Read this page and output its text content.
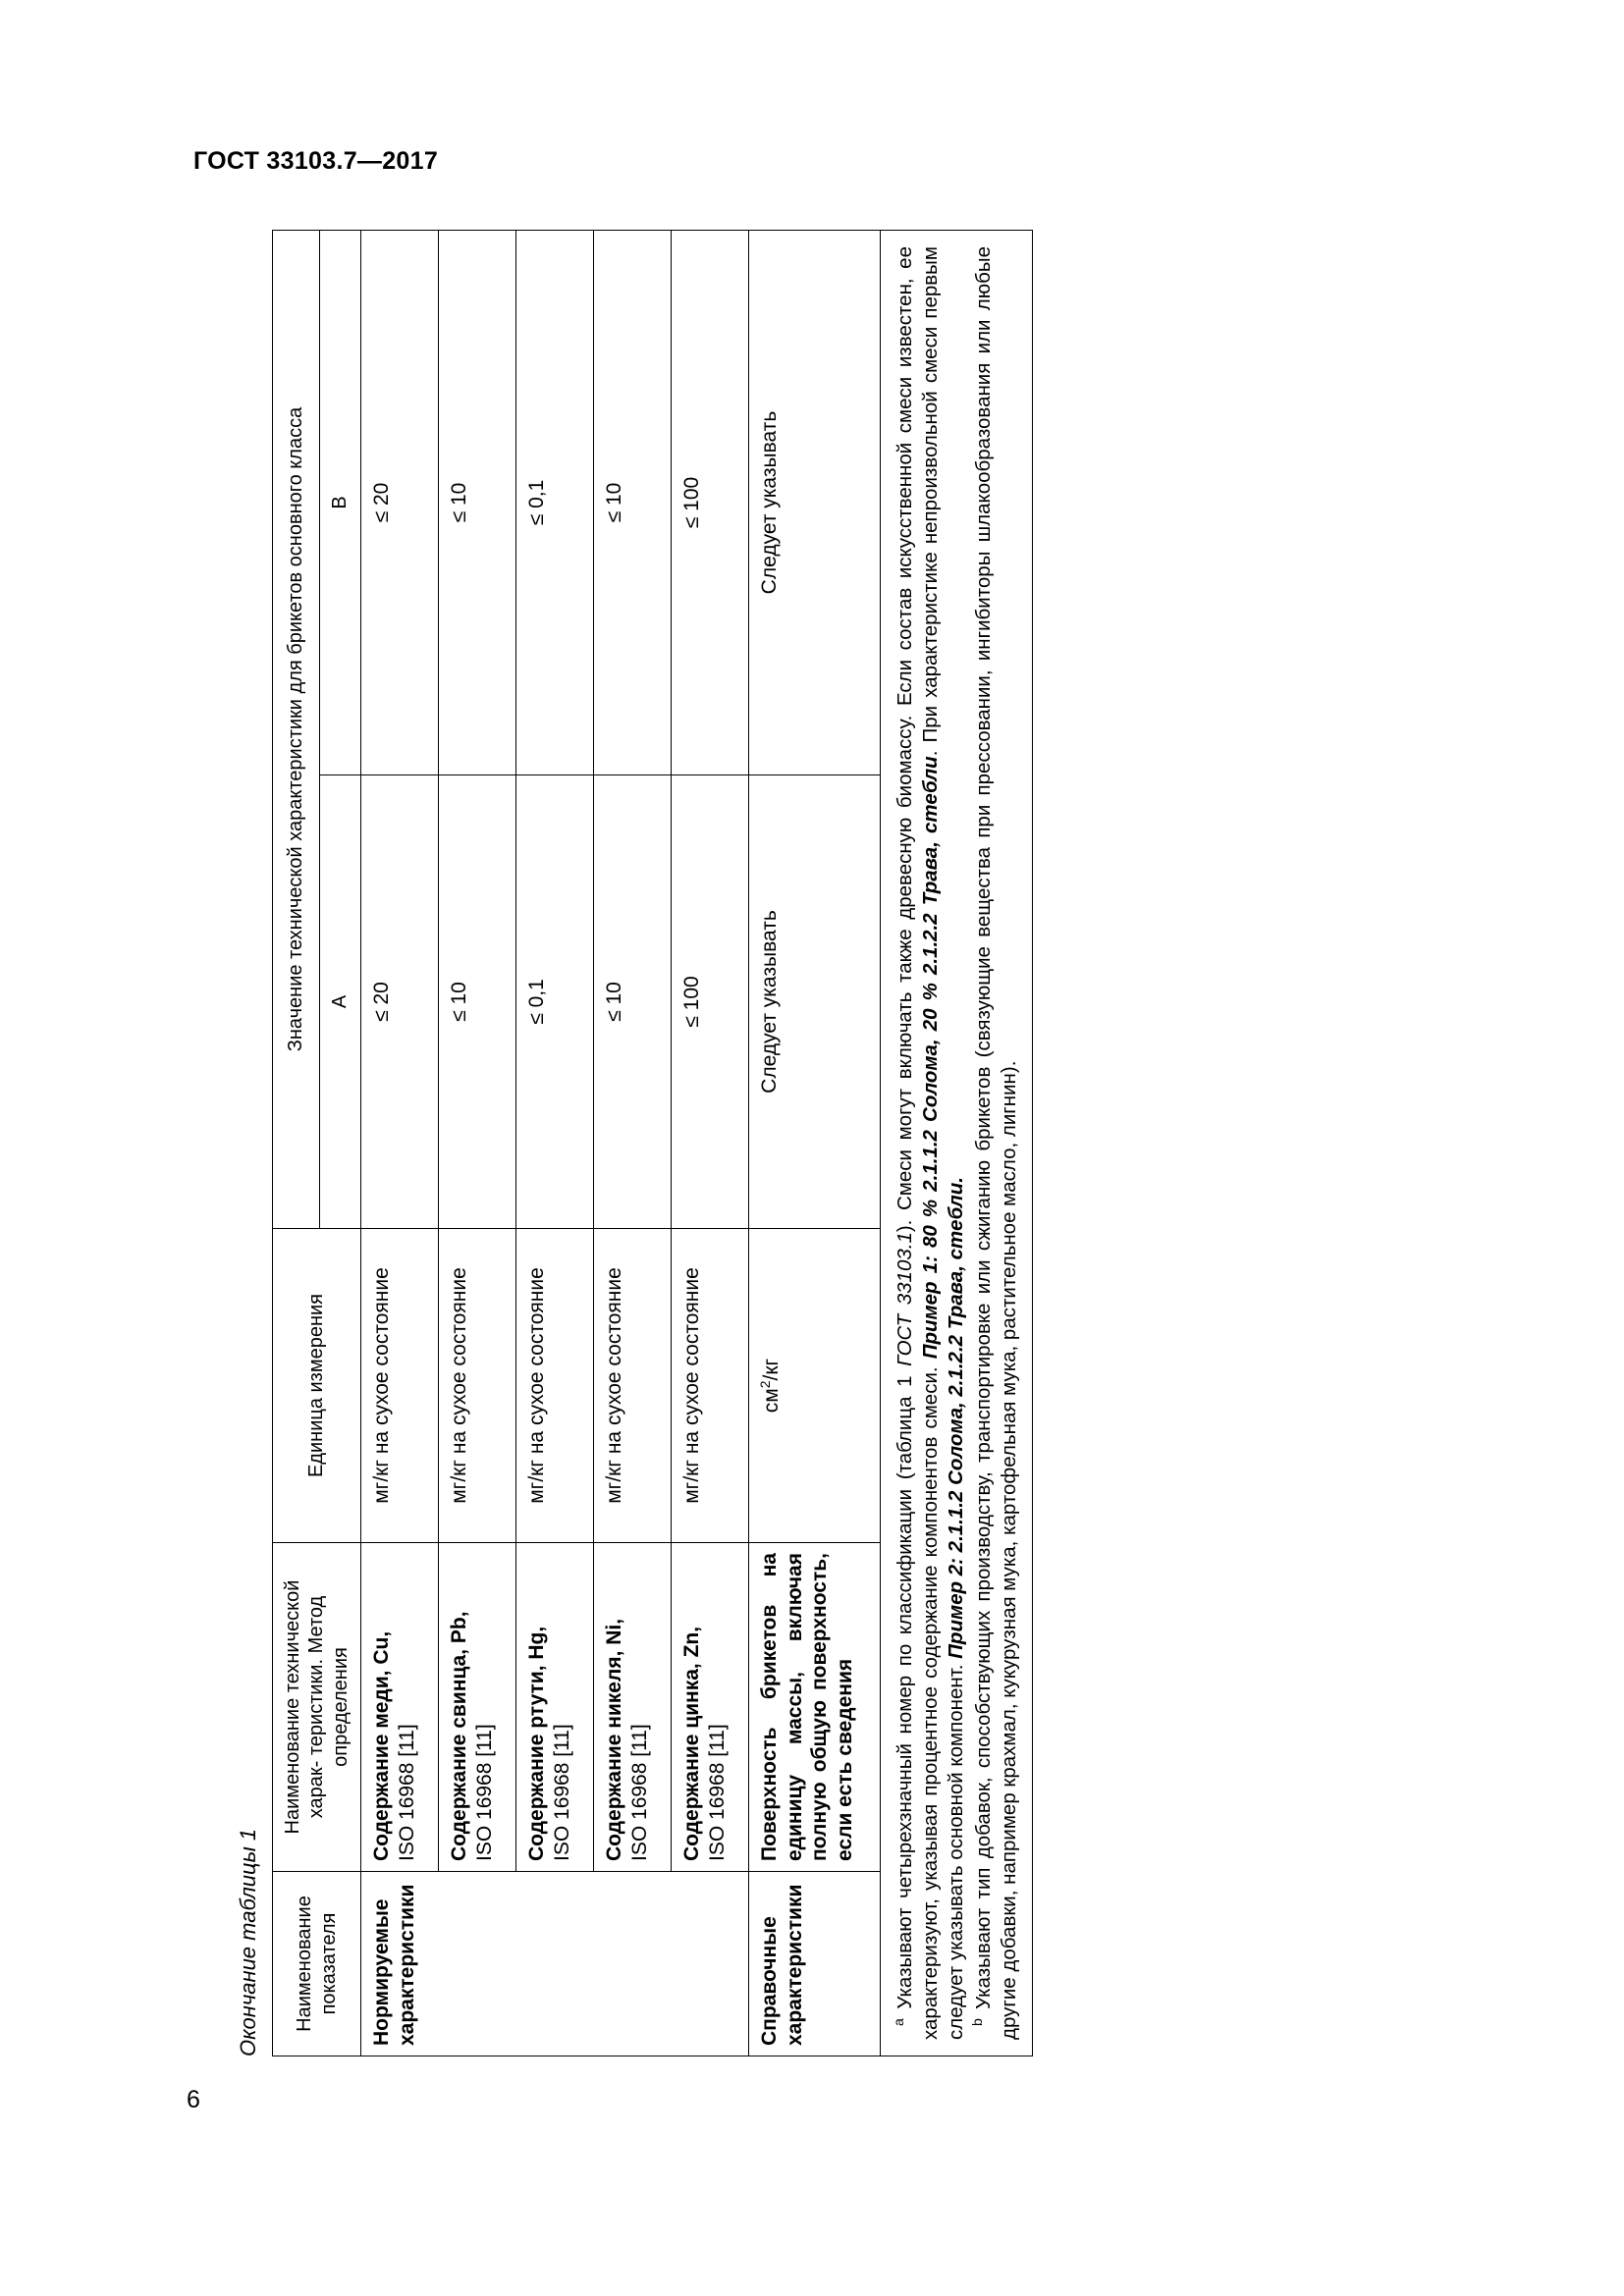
ГОСТ 33103.7—2017
6
Окончание таблицы 1 Наименование показателя	Наименование технической харак- теристики. Метод определения	Единица измерения	Значение технической характеристики для брикетов основного класса	
			А	В
Нормируемые характеристики	Содержание меди, Cu, ISO 16968 [11]	мг/кг на сухое состояние	≤ 20	≤ 20
	Содержание свинца, Pb, ISO 16968 [11]	мг/кг на сухое состояние	≤ 10	≤ 10
	Содержание ртути, Hg, ISO 16968 [11]	мг/кг на сухое состояние	≤ 0,1	≤ 0,1
	Содержание никеля, Ni, ISO 16968 [11]	мг/кг на сухое состояние	≤ 10	≤ 10
	Содержание цинка, Zn, ISO 16968 [11]	мг/кг на сухое состояние	≤ 100	≤ 100
Справочные характеристики	Поверхность брикетов на единицу массы, включая полную общую поверхность, если есть сведения	$см^2/кг$	Следует указывать	Следует указывать

$^а$ Указывают четырехзначный номер по классификации (таблица 1 ГОСТ 33103.1). Смеси могут включать также древесную биомассу. Если состав искусственной смеси известен, ее характеризуют, указывая процентное содержание компонентов смеси. Пример 1: 80 % 2.1.1.2 Солома, 20 % 2.1.2.2 Трава, стебли. При характеристике непроизвольной смеси первым следует указывать основной компонент. Пример 2: 2.1.1.2 Солома, 2.1.2.2 Трава, стебли.

$^b$ Указывают тип добавок, способствующих производству, транспортировке или сжиганию брикетов (связующие вещества при прессовании, ингибиторы шлакообразования или любые другие добавки, например крахмал, кукурузная мука, картофельная мука, растительное масло, лигнин).				
